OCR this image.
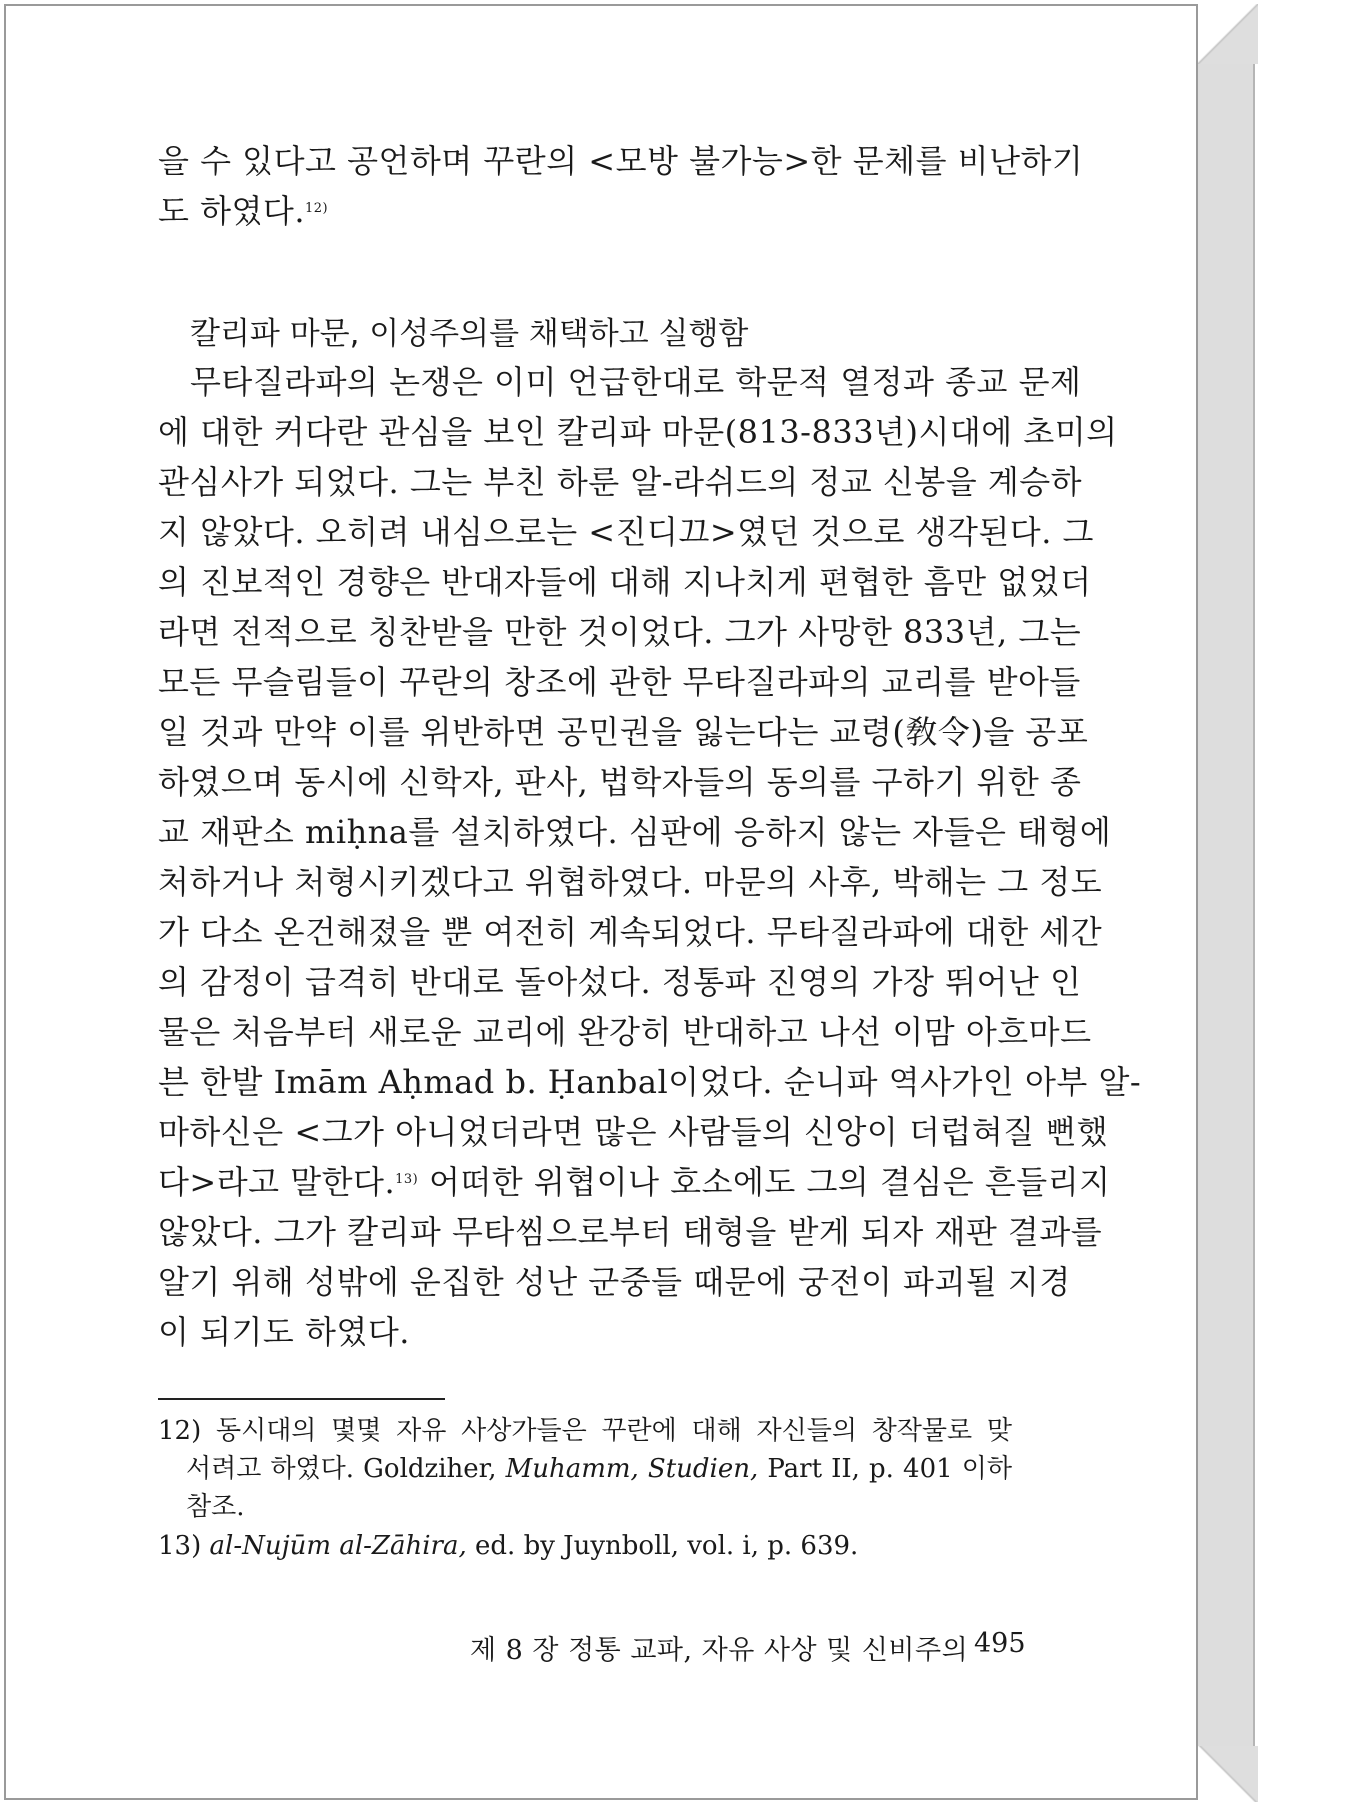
을 수 있다고 공언하며 꾸란의 <모방 불가능>한 문체를 비난하기
도 하였다.$^{12)}$
칼리파 마문, 이성주의를 채택하고 실행함
무타질라파의 논쟁은 이미 언급한대로 학문적 열정과 종교 문제
에 대한 커다란 관심을 보인 칼리파 마문(813-833년)시대에 초미의
관심사가 되었다. 그는 부친 하룬 알-라쉬드의 정교 신봉을 계승하
지 않았다. 오히려 내심으로는 <진디끄>였던 것으로 생각된다. 그
의 진보적인 경향은 반대자들에 대해 지나치게 편협한 흠만 없었더
라면 전적으로 칭찬받을 만한 것이었다. 그가 사망한 833년, 그는
모든 무슬림들이 꾸란의 창조에 관한 무타질라파의 교리를 받아들
일 것과 만약 이를 위반하면 공민권을 잃는다는 교령(敎令)을 공포
하였으며 동시에 신학자, 판사, 법학자들의 동의를 구하기 위한 종
교 재판소 miḥna를 설치하였다. 심판에 응하지 않는 자들은 태형에
처하거나 처형시키겠다고 위협하였다. 마문의 사후, 박해는 그 정도
가 다소 온건해졌을 뿐 여전히 계속되었다. 무타질라파에 대한 세간
의 감정이 급격히 반대로 돌아섰다. 정통파 진영의 가장 뛰어난 인
물은 처음부터 새로운 교리에 완강히 반대하고 나선 이맘 아흐마드
븐 한발 Imām Aḥmad b. Ḥanbal이었다. 순니파 역사가인 아부 알-
마하신은 <그가 아니었더라면 많은 사람들의 신앙이 더럽혀질 뻔했
다>라고 말한다.$^{13)}$ 어떠한 위협이나 호소에도 그의 결심은 흔들리지
않았다. 그가 칼리파 무타씸으로부터 태형을 받게 되자 재판 결과를
알기 위해 성밖에 운집한 성난 군중들 때문에 궁전이 파괴될 지경
이 되기도 하였다.
12) 동시대의 몇몇 자유 사상가들은 꾸란에 대해 자신들의 창작물로 맞
서려고 하였다. Goldziher, Muhamm, Studien, Part II, p. 401 이하
참조.
13) al-Nujūm al-Zāhira, ed. by Juynboll, vol. i, p. 639.
제 8 장 정통 교파, 자유 사상 및 신비주의 495
